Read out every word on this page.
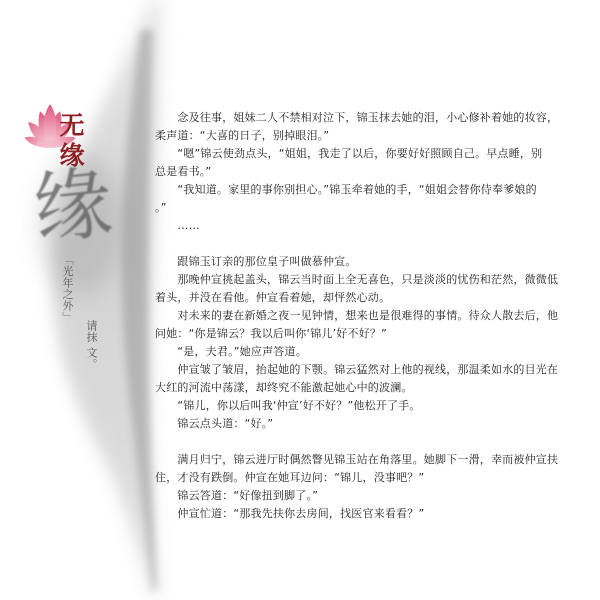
缘
无缘
「光年之外」
请抹 文。
　　念及往事，姐妹二人不禁相对泣下，锦玉抹去她的泪，小心修补着她的妆容，
柔声道：“大喜的日子，别掉眼泪。”
　　“嗯”锦云使劲点头，“姐姐，我走了以后，你要好好照顾自己。早点睡，别
总是看书。”
　　“我知道。家里的事你别担心。”锦玉牵着她的手，“姐姐会替你侍奉爹娘的
。”
　　……
　　跟锦玉订亲的那位皇子叫做慕仲宣。
　　那晚仲宣挑起盖头，锦云当时面上全无喜色，只是淡淡的忧伤和茫然，微微低
着头，并没在看他。仲宣看着她，却怦然心动。
　　对未来的妻在新婚之夜一见钟情，想来也是很难得的事情。待众人散去后，他
问她：“你是锦云？我以后叫你‘锦儿’好不好？”
　　“是，夫君。”她应声答道。
　　仲宣皱了皱眉，抬起她的下颚。锦云猛然对上他的视线，那温柔如水的目光在
大红的河流中荡漾，却终究不能激起她心中的波澜。
　　“锦儿，你以后叫我‘仲宣’好不好？”他松开了手。
　　锦云点头道：“好。”
　　满月归宁，锦云进厅时偶然瞥见锦玉站在角落里。她脚下一滑，幸而被仲宣扶
住，才没有跌倒。仲宣在她耳边问：“锦儿，没事吧？”
　　锦云答道：“好像扭到脚了。”
　　仲宣忙道：“那我先扶你去房间，找医官来看看？”
